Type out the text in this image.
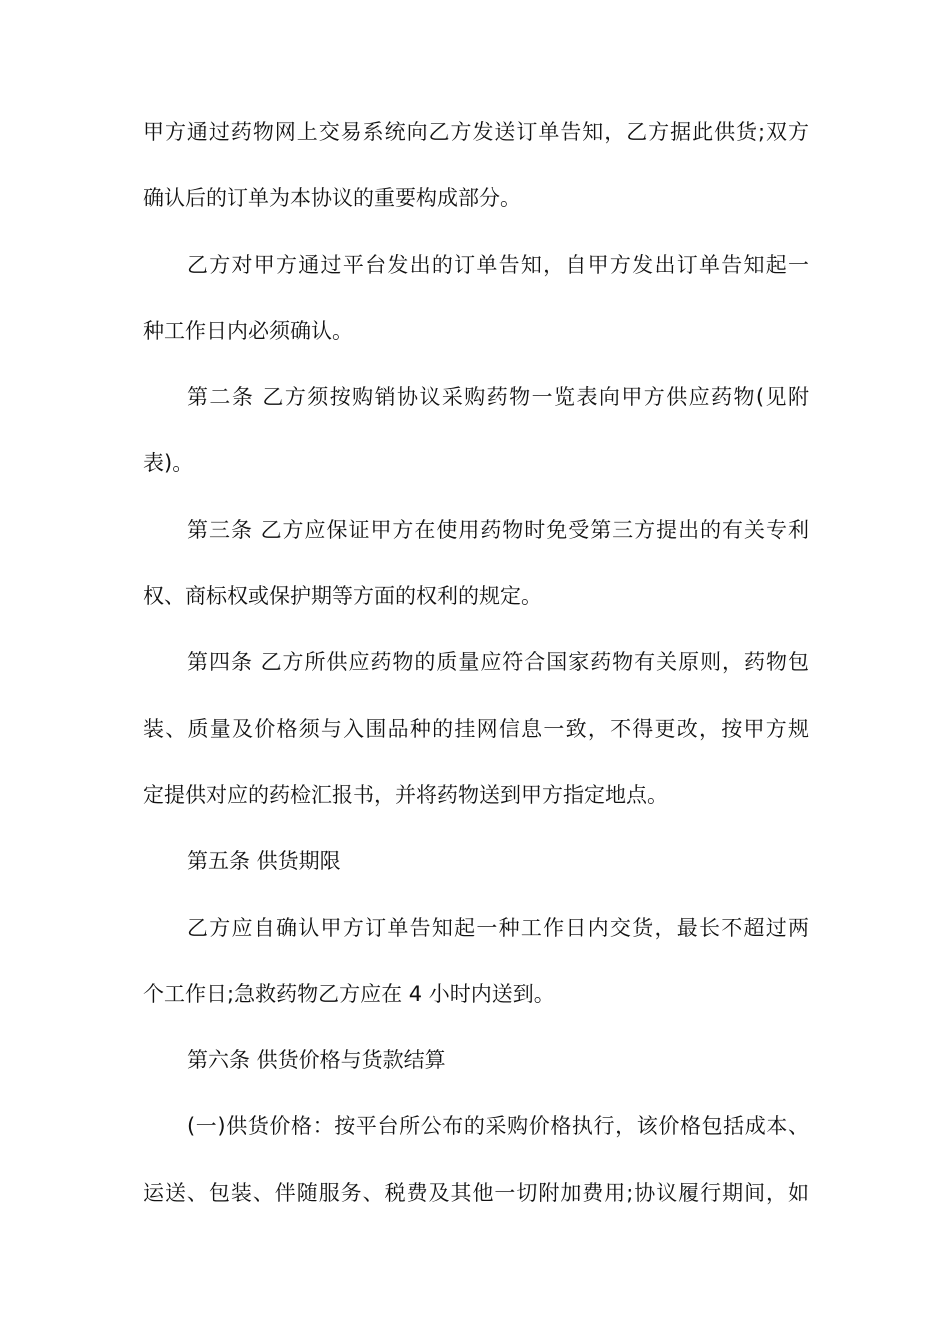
甲方通过药物网上交易系统向乙方发送订单告知，乙方据此供货;双方
确认后的订单为本协议的重要构成部分。
乙方对甲方通过平台发出的订单告知，自甲方发出订单告知起一
种工作日内必须确认。
第二条 乙方须按购销协议采购药物一览表向甲方供应药物(见附
表)。
第三条 乙方应保证甲方在使用药物时免受第三方提出的有关专利
权、商标权或保护期等方面的权利的规定。
第四条 乙方所供应药物的质量应符合国家药物有关原则，药物包
装、质量及价格须与入围品种的挂网信息一致，不得更改，按甲方规
定提供对应的药检汇报书，并将药物送到甲方指定地点。
第五条 供货期限
乙方应自确认甲方订单告知起一种工作日内交货，最长不超过两
个工作日;急救药物乙方应在 4 小时内送到。
第六条 供货价格与货款结算
(一)供货价格：按平台所公布的采购价格执行，该价格包括成本、
运送、包装、伴随服务、税费及其他一切附加费用;协议履行期间，如
